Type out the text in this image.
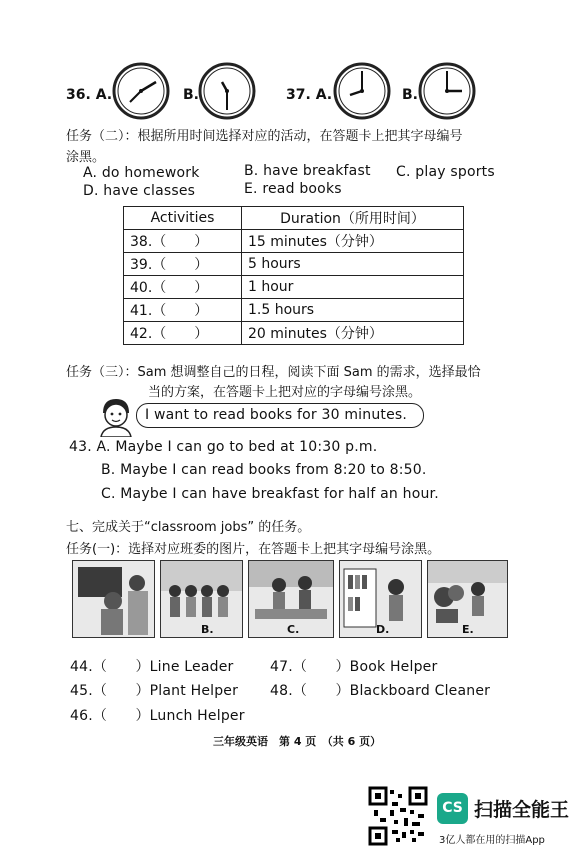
36. A.	B.	37. A.	B.
任务（二）：根据所用时间选择对应的活动，在答题卡上把其字母编号
涂黑。
A. do homework	B. have breakfast C. play sports
D. have classes	E. read books
Activities	Duration（所用时间）
38.（　　）	15 minutes（分钟）
39.（　　）	5 hours
40.（　　）	1 hour
41.（　　）	1.5 hours
42.（　　）	20 minutes（分钟）
任务（三）：Sam 想调整自己的日程，阅读下面 Sam 的需求，选择最恰
当的方案，在答题卡上把对应的字母编号涂黑。
I want to read books for 30 minutes.
43. A. Maybe I can go to bed at 10:30 p.m.
B. Maybe I can read books from 8:20 to 8:50.
C. Maybe I can have breakfast for half an hour.
七、完成关于“classroom jobs” 的任务。
任务(一)：选择对应班委的图片，在答题卡上把其字母编号涂黑。
B.	C.	D.	E.
44.（　　）Line Leader
45.（　　）Plant Helper
46.（　　）Lunch Helper
47.（　　）Book Helper
48.（　　）Blackboard Cleaner
三年级英语　第 4 页　（共 6 页）
CS 扫描全能王
3亿人都在用的扫描App
